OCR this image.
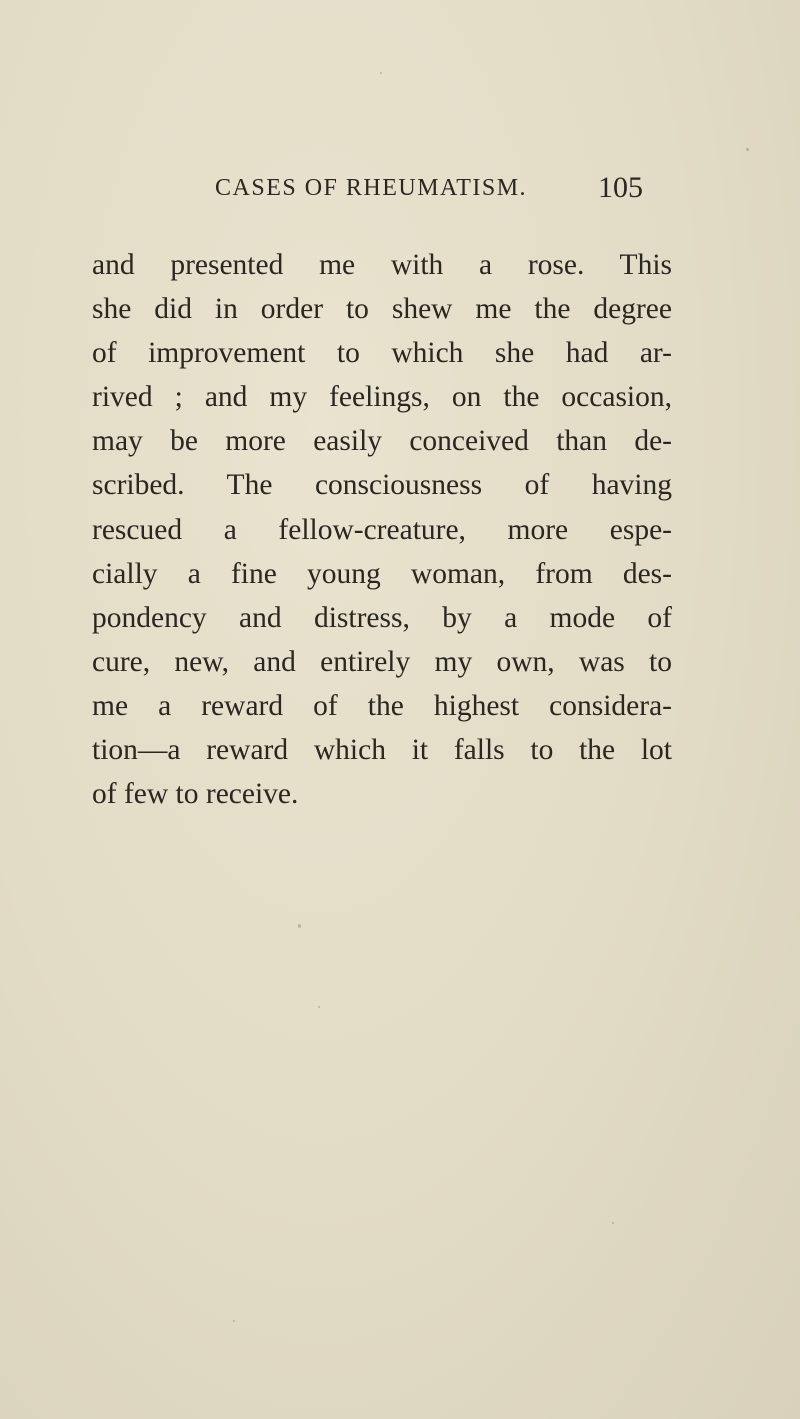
CASES OF RHEUMATISM. 105
and presented me with a rose. This
she did in order to shew me the degree
of improvement to which she had ar-
rived ; and my feelings, on the occasion,
may be more easily conceived than de-
scribed. The consciousness of having
rescued a fellow-creature, more espe-
cially a fine young woman, from des-
pondency and distress, by a mode of
cure, new, and entirely my own, was to
me a reward of the highest considera-
tion—a reward which it falls to the lot
of few to receive.
